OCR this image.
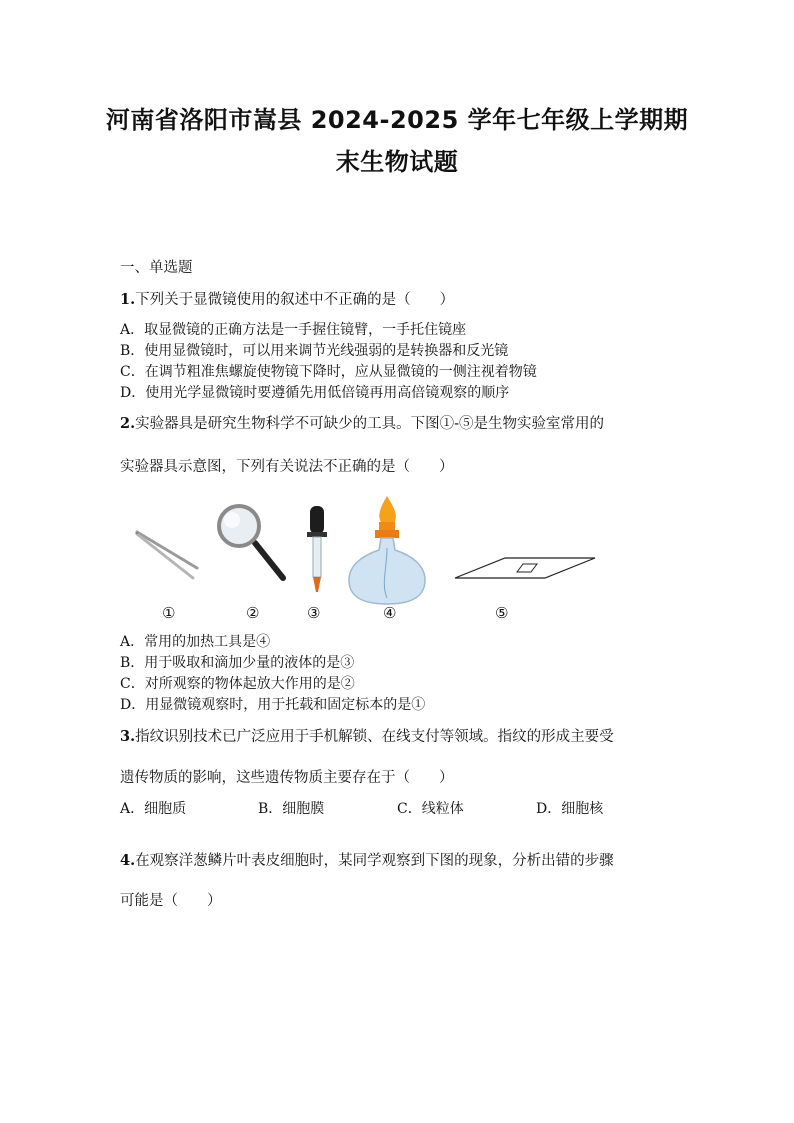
河南省洛阳市嵩县 2024-2025 学年七年级上学期期
末生物试题
一、单选题
1.下列关于显微镜使用的叙述中不正确的是（　　）
A．取显微镜的正确方法是一手握住镜臂，一手托住镜座
B．使用显微镜时，可以用来调节光线强弱的是转换器和反光镜
C．在调节粗准焦螺旋使物镜下降时，应从显微镜的一侧注视着物镜
D．使用光学显微镜时要遵循先用低倍镜再用高倍镜观察的顺序
2.实验器具是研究生物科学不可缺少的工具。下图①-⑤是生物实验室常用的
实验器具示意图，下列有关说法不正确的是（　　）
①	②	③	④	⑤
A．常用的加热工具是④
B．用于吸取和滴加少量的液体的是③
C．对所观察的物体起放大作用的是②
D．用显微镜观察时，用于托载和固定标本的是①
3.指纹识别技术已广泛应用于手机解锁、在线支付等领域。指纹的形成主要受
遗传物质的影响，这些遗传物质主要存在于（　　）
A．细胞质	B．细胞膜	C．线粒体	D．细胞核
4.在观察洋葱鳞片叶表皮细胞时，某同学观察到下图的现象，分析出错的步骤
可能是（　　）
